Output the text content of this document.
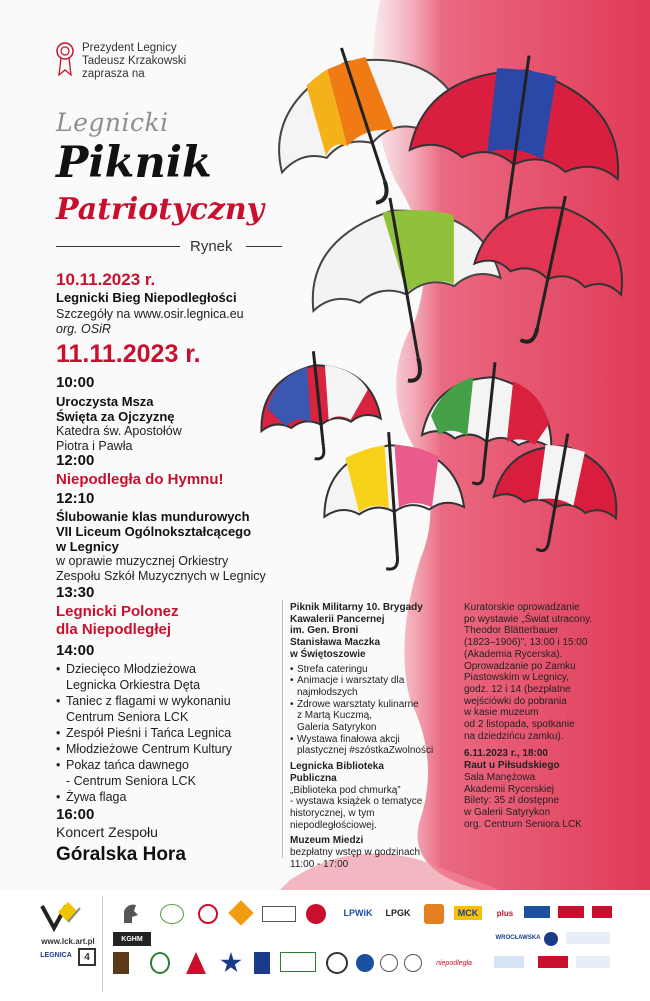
Prezydent Legnicy
Tadeusz Krzakowski
zaprasza na
Legnicki
Piknik
Patriotyczny
Rynek
10.11.2023 r.
Legnicki Bieg Niepodległości
Szczegóły na www.osir.legnica.eu
org. OSiR
11.11.2023 r.
10:00
Uroczysta Msza
Święta za Ojczyznę
Katedra św. Apostołów
Piotra i Pawła
12:00
Niepodległa do Hymnu!
12:10
Ślubowanie klas mundurowych
VII Liceum Ogólnokształcącego
w Legnicy
w oprawie muzycznej Orkiestry
Zespołu Szkół Muzycznych w Legnicy
13:30
Legnicki Polonez
dla Niepodległej
14:00
• Dziecięco Młodzieżowa
Legnicka Orkiestra Dęta
• Taniec z flagami w wykonaniu
Centrum Seniora LCK
• Zespół Pieśni i Tańca Legnica
• Młodzieżowe Centrum Kultury
• Pokaz tańca dawnego
- Centrum Seniora LCK
• Żywa flaga
16:00
Koncert Zespołu
Góralska Hora
Piknik Militarny 10. Brygady
Kawalerii Pancernej
im. Gen. Broni
Stanisława Maczka
w Świętoszowie
• Strefa cateringu
• Animacje i warsztaty dla
najmłodszych
• Zdrowe warsztaty kulinarne
z Martą Kuczmą,
Galeria Satyrykon
• Wystawa finałowa akcji
plastycznej #szóstkaZwolności
Legnicka Biblioteka
Publiczna
„Biblioteka pod chmurką”
- wystawa książek o tematyce
historycznej, w tym
niepodległościowej.
Muzeum Miedzi
bezpłatny wstęp w godzinach
11:00 - 17:00
Kuratorskie oprowadzanie
po wystawie „Świat utracony.
Theodor Blätterbauer
(1823–1906)”, 13:00 i 15:00
(Akademia Rycerska).
Oprowadzanie po Zamku
Piastowskim w Legnicy,
godz. 12 i 14 (bezpłatne
wejściówki do pobrania
w kasie muzeum
od 2 listopada, spotkanie
na dziedzińcu zamku).
6.11.2023 r., 18:00
Raut u Piłsudskiego
Sala Manężowa
Akademii Rycerskiej
Bilety: 35 zł dostępne
w Galerii Satyrykon
org. Centrum Seniora LCK
www.lck.art.pl
LEGNICA	4
KGHM
LPWiK	LPGK	MCK	plus
WROCŁAWSKA
niepodległa
